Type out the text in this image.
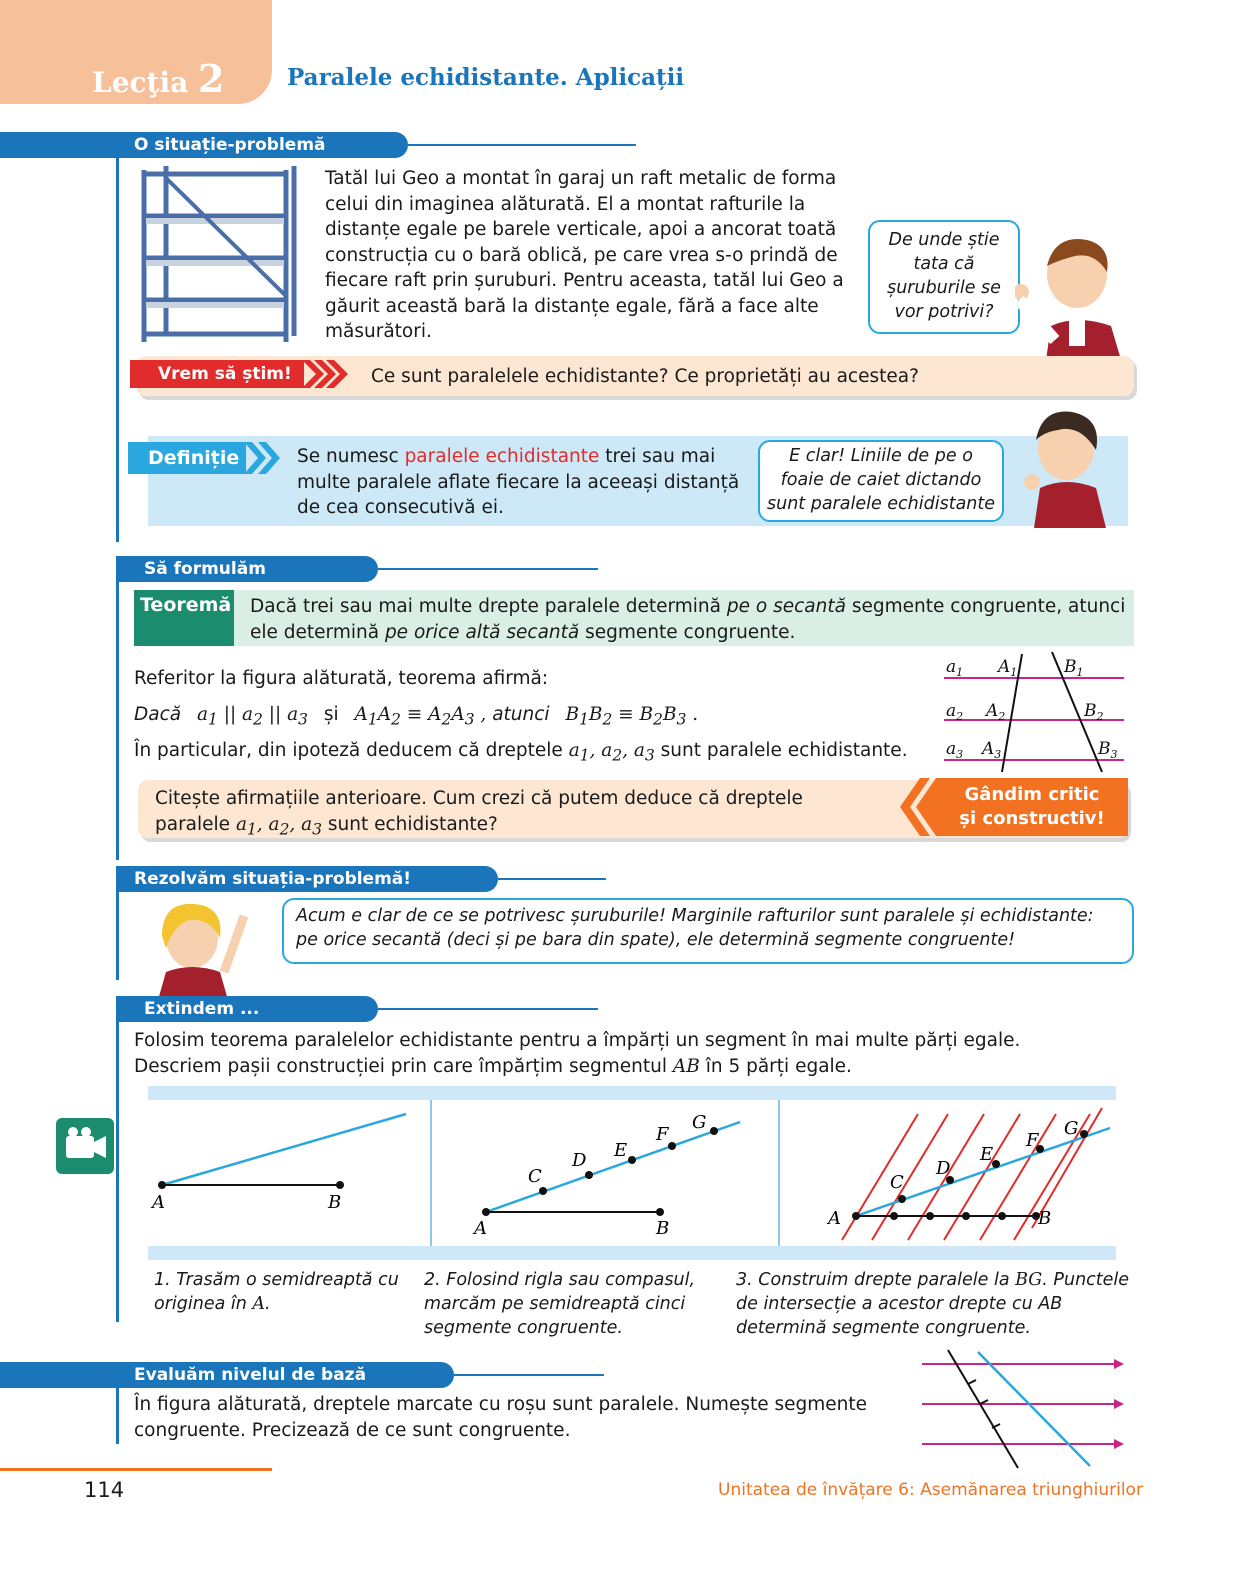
Lecţia 2	Paralele echidistante. Aplicații
O situație-problemă
Tatăl lui Geo a montat în garaj un raft metalic de forma celui din imaginea alăturată. El a montat rafturile la distanțe egale pe barele verticale, apoi a ancorat toată construcția cu o bară oblică, pe care vrea s-o prindă de fiecare raft prin șuruburi. Pentru aceasta, tatăl lui Geo a găurit această bară la distanțe egale, fără a face alte măsurători.
De unde știe tata că șuruburile se vor potrivi?
Vrem să știm!	Ce sunt paralelele echidistante? Ce proprietăți au acestea?
Definiție	Se numesc paralele echidistante trei sau mai multe paralele aflate fiecare la aceeași distanță de cea consecutivă ei.
E clar! Liniile de pe o foaie de caiet dictando sunt paralele echidistante
Să formulăm
Teoremă Dacă trei sau mai multe drepte paralele determină pe o secantă segmente congruente, atunci ele determină pe orice altă secantă segmente congruente.
Referitor la figura alăturată, teorema afirmă:
Dacă $a_1$ || $a_2$ || $a_3$ și $A_1A_2 \equiv A_2A_3$ , atunci $B_1B_2 \equiv B_2B_3$ .
În particular, din ipoteză deducem că dreptele $a_1$, $a_2$, $a_3$ sunt paralele echidistante.
$a_1$
$a_2$
$a_3$
$A_1$
$A_2$
$A_3$
$B_1$
$B_2$
$B_3$
Citește afirmațiile anterioare. Cum crezi că putem deduce că dreptele
paralele $a_1$, $a_2$, $a_3$ sunt echidistante?
Gândim critic
și constructiv!
Rezolvăm situația-problemă!
Acum e clar de ce se potrivesc șuruburile! Marginile rafturilor sunt paralele și echidistante: pe orice secantă (deci și pe bara din spate), ele determină segmente congruente!
Extindem ...
Folosim teorema paralelelor echidistante pentru a împărți un segment în mai multe părți egale.
Descriem pașii construcției prin care împărțim segmentul AB în 5 părți egale.
A	B
A	B
C
D E
F
G
A	B
C
D
E
F
G
1. Trasăm o semidreaptă cu originea în A.
2. Folosind rigla sau compasul, marcăm pe semidreaptă cinci segmente congruente.
3. Construim drepte paralele la BG. Punctele de intersecție a acestor drepte cu AB determină segmente congruente.
Evaluăm nivelul de bază
În figura alăturată, dreptele marcate cu roșu sunt paralele. Numește segmente congruente. Precizează de ce sunt congruente.
114	Unitatea de învățare 6: Asemănarea triunghiurilor
